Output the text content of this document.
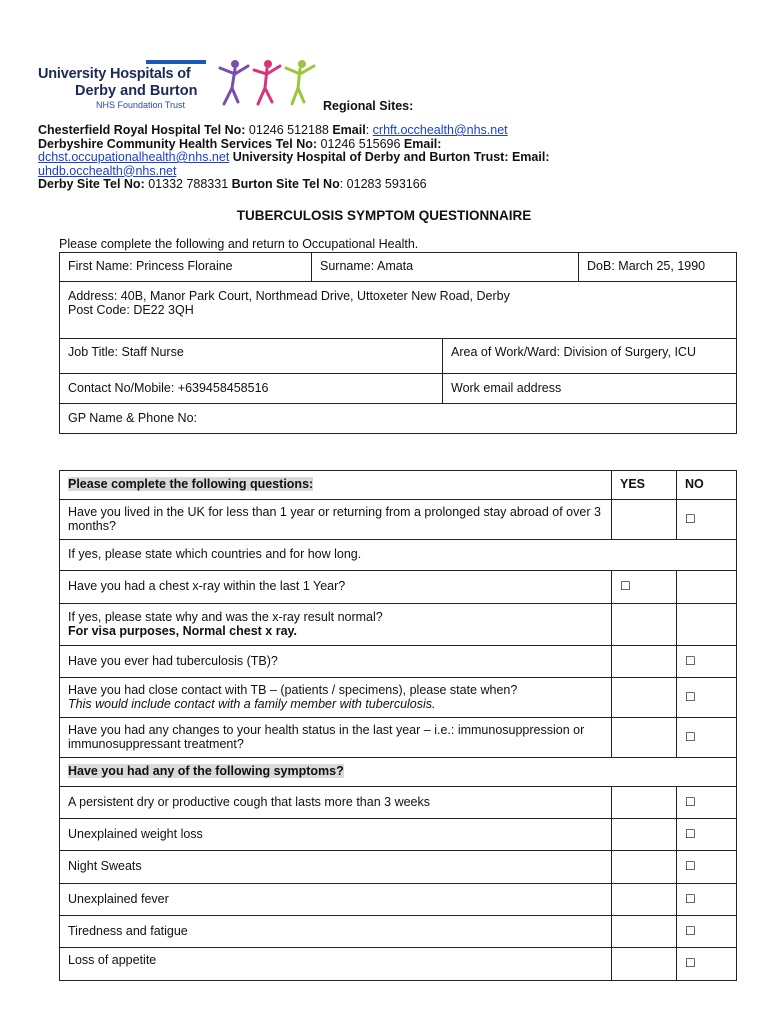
University Hospitals of
Derby and Burton
NHS Foundation Trust	Regional Sites:
Chesterfield Royal Hospital Tel No: 01246 512188 Email: crhft.occhealth@nhs.net
Derbyshire Community Health Services Tel No: 01246 515696 Email:
dchst.occupationalhealth@nhs.net University Hospital of Derby and Burton Trust: Email:
uhdb.occhealth@nhs.net
Derby Site Tel No: 01332 788331 Burton Site Tel No: 01283 593166
TUBERCULOSIS SYMPTOM QUESTIONNAIRE
Please complete the following and return to Occupational Health.
First Name: Princess Floraine	Surname: Amata		DoB: March 25, 1990

Address: 40B, Manor Park Court, Northmead Drive, Uttoxeter New Road, Derby
Post Code: DE22 3QH			

Job Title: Staff Nurse		Area of Work/Ward: Division of Surgery, ICU	
Contact No/Mobile: +639458458516		Work email address	
GP Name & Phone No:			
Please complete the following questions:	YES	NO
Have you lived in the UK for less than 1 year or returning from a prolonged stay abroad of over 3 months?		☐
If yes, please state which countries and for how long.		
Have you had a chest x-ray within the last 1 Year?	☐	

If yes, please state why and was the x-ray result normal?
For visa purposes, Normal chest x ray.		

Have you ever had tuberculosis (TB)?		☐

Have you had close contact with TB – (patients / specimens), please state when?
This would include contact with a family member with tuberculosis.		☐
Have you had any changes to your health status in the last year – i.e.: immunosuppression or immunosuppressant treatment?		☐
Have you had any of the following symptoms?		
A persistent dry or productive cough that lasts more than 3 weeks		☐
Unexplained weight loss		☐
Night Sweats		☐
Unexplained fever		☐
Tiredness and fatigue		☐
Loss of appetite		☐
